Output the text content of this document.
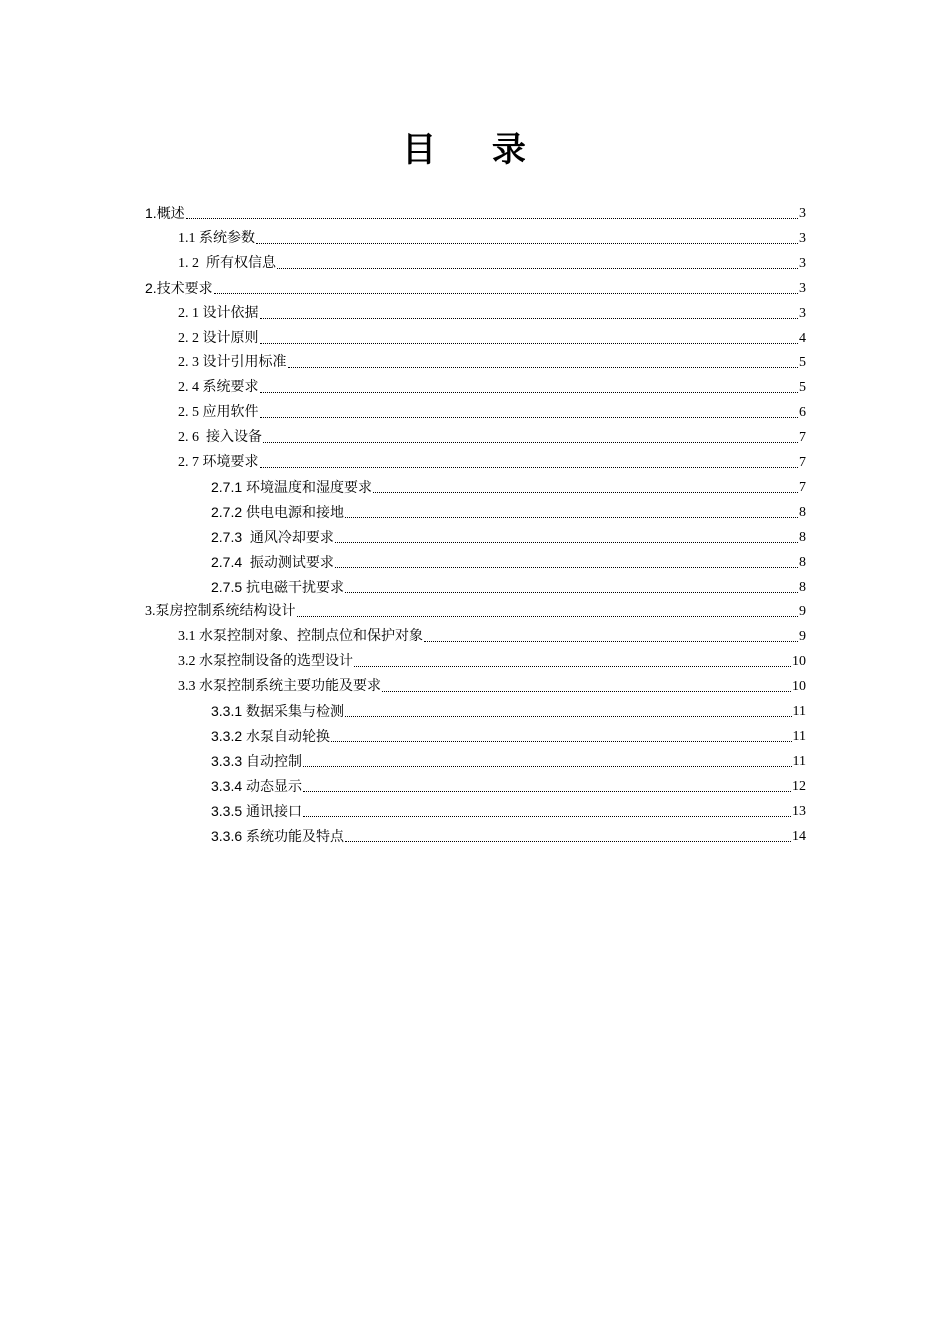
目 录
1.概述	3
1.1 系统参数	3
1. 2  所有权信息	3
2.技术要求	3
2. 1 设计依据	3
2. 2 设计原则	4
2. 3 设计引用标准	5
2. 4 系统要求	5
2. 5 应用软件	6
2. 6  接入设备	7
2. 7 环境要求	7
2.7.1 环境温度和湿度要求	7
2.7.2 供电电源和接地	8
2.7.3  通风冷却要求	8
2.7.4  振动测试要求	8
2.7.5 抗电磁干扰要求	8
3.泵房控制系统结构设计	9
3.1 水泵控制对象、控制点位和保护对象	9
3.2 水泵控制设备的选型设计	10
3.3 水泵控制系统主要功能及要求	10
3.3.1 数据采集与检测	11
3.3.2 水泵自动轮换	11
3.3.3 自动控制	11
3.3.4 动态显示	12
3.3.5 通讯接口	13
3.3.6 系统功能及特点	14
